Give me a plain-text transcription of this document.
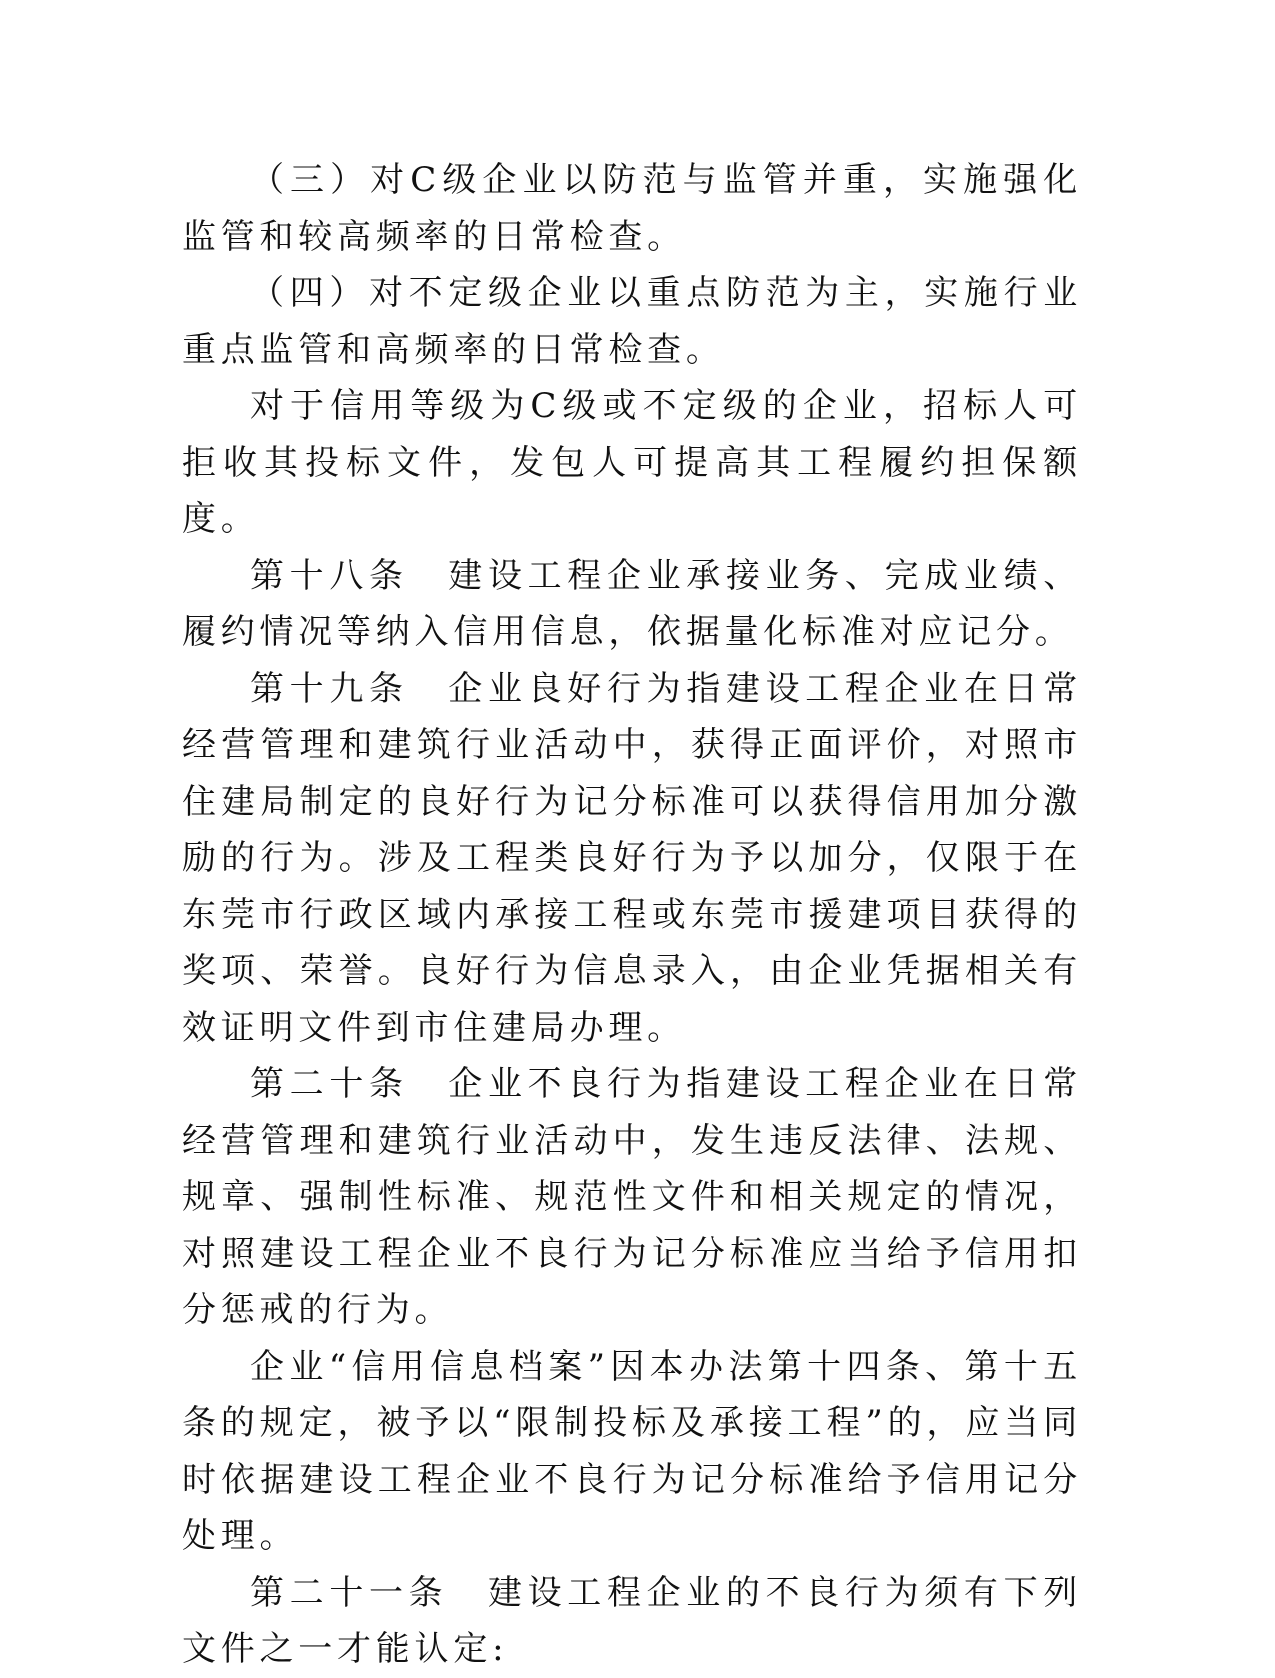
（三）对C级企业以防范与监管并重，实施强化监管和较高频率的日常检查。

（四）对不定级企业以重点防范为主，实施行业重点监管和高频率的日常检查。

对于信用等级为C级或不定级的企业，招标人可拒收其投标文件，发包人可提高其工程履约担保额度。

第十八条　建设工程企业承接业务、完成业绩、履约情况等纳入信用信息，依据量化标准对应记分。

第十九条　企业良好行为指建设工程企业在日常经营管理和建筑行业活动中，获得正面评价，对照市住建局制定的良好行为记分标准可以获得信用加分激励的行为。涉及工程类良好行为予以加分，仅限于在东莞市行政区域内承接工程或东莞市援建项目获得的奖项、荣誉。良好行为信息录入，由企业凭据相关有效证明文件到市住建局办理。

第二十条　企业不良行为指建设工程企业在日常经营管理和建筑行业活动中，发生违反法律、法规、规章、强制性标准、规范性文件和相关规定的情况，对照建设工程企业不良行为记分标准应当给予信用扣分惩戒的行为。

企业“信用信息档案”因本办法第十四条、第十五条的规定，被予以“限制投标及承接工程”的，应当同时依据建设工程企业不良行为记分标准给予信用记分处理。

第二十一条　建设工程企业的不良行为须有下列文件之一才能认定:
